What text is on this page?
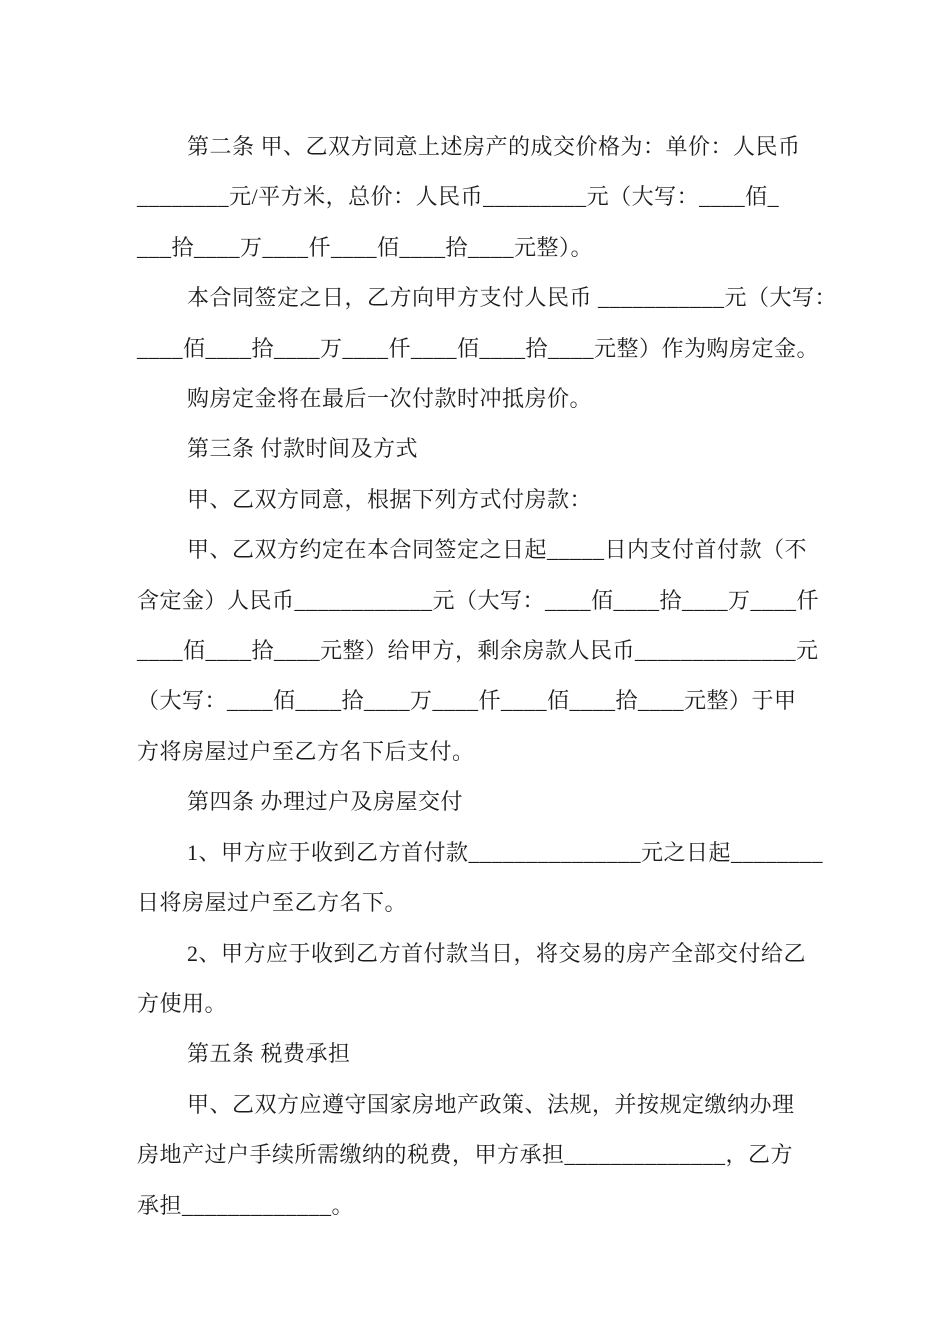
第二条 甲、乙双方同意上述房产的成交价格为：单价：人民币
________元/平方米，总价：人民币_________元（大写：____佰_
___拾____万____仟____佰____拾____元整）。
本合同签定之日，乙方向甲方支付人民币 ___________元（大写：
____佰____拾____万____仟____佰____拾____元整）作为购房定金。
购房定金将在最后一次付款时冲抵房价。
第三条 付款时间及方式
甲、乙双方同意，根据下列方式付房款：
甲、乙双方约定在本合同签定之日起_____日内支付首付款（不
含定金）人民币____________元（大写：____佰____拾____万____仟
____佰____拾____元整）给甲方，剩余房款人民币______________元
（大写：____佰____拾____万____仟____佰____拾____元整）于甲
方将房屋过户至乙方名下后支付。
第四条 办理过户及房屋交付
1、甲方应于收到乙方首付款_______________元之日起________
日将房屋过户至乙方名下。
2、甲方应于收到乙方首付款当日，将交易的房产全部交付给乙
方使用。
第五条 税费承担
甲、乙双方应遵守国家房地产政策、法规，并按规定缴纳办理
房地产过户手续所需缴纳的税费，甲方承担______________，乙方
承担_____________。
